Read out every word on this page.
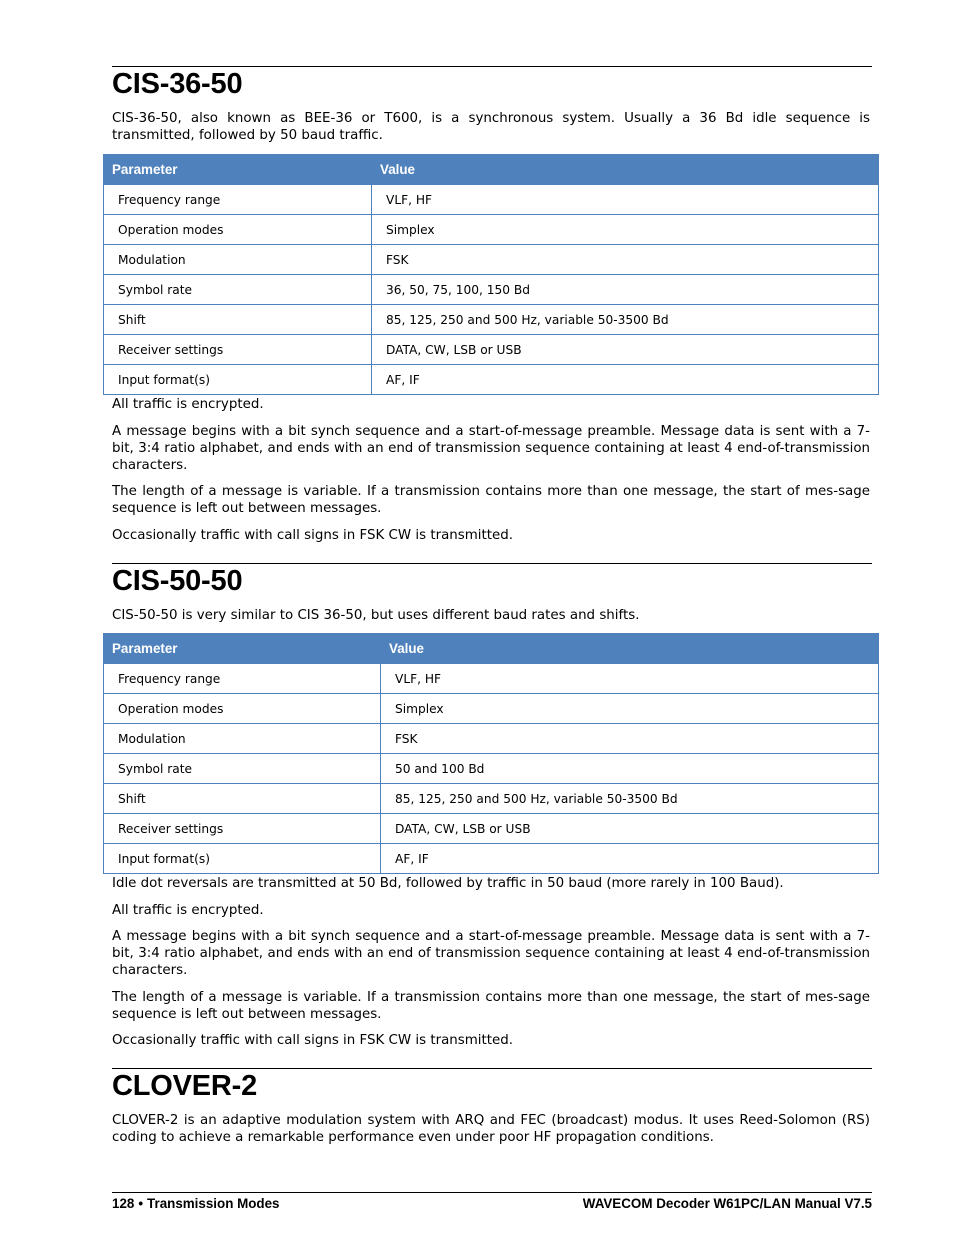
CIS-36-50

CIS-36-50, also known as BEE-36 or T600, is a synchronous system. Usually a 36 Bd idle sequence is transmitted, followed by 50 baud traffic.

Parameter	Value
Frequency range	VLF, HF
Operation modes	Simplex
Modulation	FSK
Symbol rate	36, 50, 75, 100, 150 Bd
Shift	85, 125, 250 and 500 Hz, variable 50-3500 Bd
Receiver settings	DATA, CW, LSB or USB
Input format(s)	AF, IF

All traffic is encrypted.

A message begins with a bit synch sequence and a start-of-message preamble. Message data is sent with a 7-bit, 3:4 ratio alphabet, and ends with an end of transmission sequence containing at least 4 end-of-transmission characters.

The length of a message is variable. If a transmission contains more than one message, the start of mes-sage sequence is left out between messages.

Occasionally traffic with call signs in FSK CW is transmitted.

CIS-50-50

CIS-50-50 is very similar to CIS 36-50, but uses different baud rates and shifts.

Parameter	Value
Frequency range	VLF, HF
Operation modes	Simplex
Modulation	FSK
Symbol rate	50 and 100 Bd
Shift	85, 125, 250 and 500 Hz, variable 50-3500 Bd
Receiver settings	DATA, CW, LSB or USB
Input format(s)	AF, IF

Idle dot reversals are transmitted at 50 Bd, followed by traffic in 50 baud (more rarely in 100 Baud).

All traffic is encrypted.

A message begins with a bit synch sequence and a start-of-message preamble. Message data is sent with a 7-bit, 3:4 ratio alphabet, and ends with an end of transmission sequence containing at least 4 end-of-transmission characters.

The length of a message is variable. If a transmission contains more than one message, the start of mes-sage sequence is left out between messages.

Occasionally traffic with call signs in FSK CW is transmitted.

CLOVER-2

CLOVER-2 is an adaptive modulation system with ARQ and FEC (broadcast) modus. It uses Reed-Solomon (RS) coding to achieve a remarkable performance even under poor HF propagation conditions.

128 • Transmission Modes	WAVECOM Decoder W61PC/LAN Manual V7.5
